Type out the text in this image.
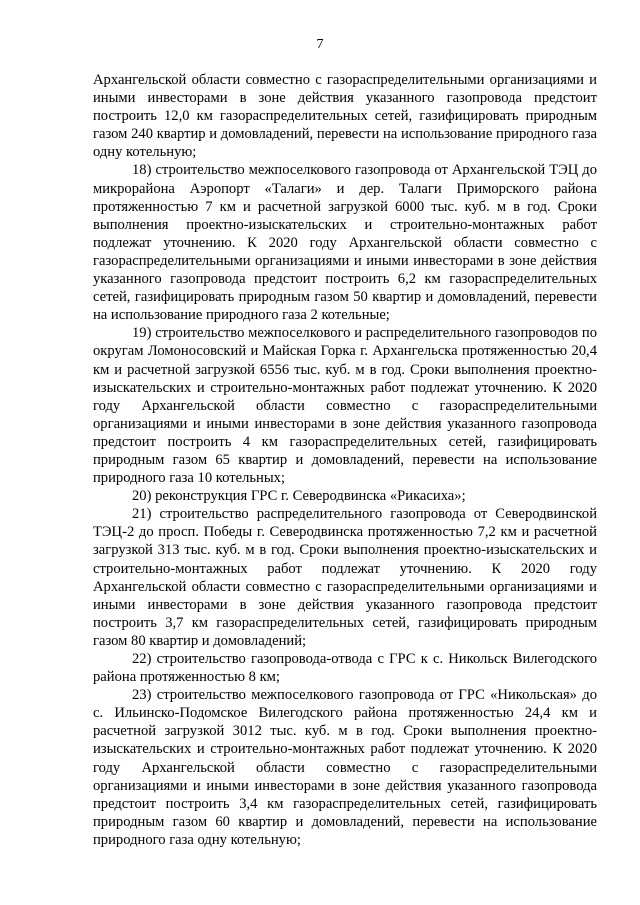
7

Архангельской области совместно с газораспределительными организациями и иными инвесторами в зоне действия указанного газопровода предстоит построить 12,0 км газораспределительных сетей, газифицировать природным газом 240 квартир и домовладений, перевести на использование природного газа одну котельную;

18) строительство межпоселкового газопровода от Архангельской ТЭЦ до микрорайона Аэропорт «Талаги» и дер. Талаги Приморского района протяженностью 7 км и расчетной загрузкой 6000 тыс. куб. м в год. Сроки выполнения проектно-изыскательских и строительно-монтажных работ подлежат уточнению. К 2020 году Архангельской области совместно с газораспределительными организациями и иными инвесторами в зоне действия указанного газопровода предстоит построить 6,2 км газораспределительных сетей, газифицировать природным газом 50 квартир и домовладений, перевести на использование природного газа 2 котельные;

19) строительство межпоселкового и распределительного газопроводов по округам Ломоносовский и Майская Горка г. Архангельска протяженностью 20,4 км и расчетной загрузкой 6556 тыс. куб. м в год. Сроки выполнения проектно-изыскательских и строительно-монтажных работ подлежат уточнению. К 2020 году Архангельской области совместно с газораспределительными организациями и иными инвесторами в зоне действия указанного газопровода предстоит построить 4 км газораспределительных сетей, газифицировать природным газом 65 квартир и домовладений, перевести на использование природного газа 10 котельных;

20) реконструкция ГРС г. Северодвинска «Рикасиха»;

21) строительство распределительного газопровода от Северодвинской ТЭЦ-2 до просп. Победы г. Северодвинска протяженностью 7,2 км и расчетной загрузкой 313 тыс. куб. м в год. Сроки выполнения проектно-изыскательских и строительно-монтажных работ подлежат уточнению. К 2020 году Архангельской области совместно с газораспределительными организациями и иными инвесторами в зоне действия указанного газопровода предстоит построить 3,7 км газораспределительных сетей, газифицировать природным газом 80 квартир и домовладений;

22) строительство газопровода-отвода с ГРС к с. Никольск Вилегодского района протяженностью 8 км;

23) строительство межпоселкового газопровода от ГРС «Никольская» до с. Ильинско-Подомское Вилегодского района протяженностью 24,4 км и расчетной загрузкой 3012 тыс. куб. м в год. Сроки выполнения проектно-изыскательских и строительно-монтажных работ подлежат уточнению. К 2020 году Архангельской области совместно с газораспределительными организациями и иными инвесторами в зоне действия указанного газопровода предстоит построить 3,4 км газораспределительных сетей, газифицировать природным газом 60 квартир и домовладений, перевести на использование природного газа одну котельную;
